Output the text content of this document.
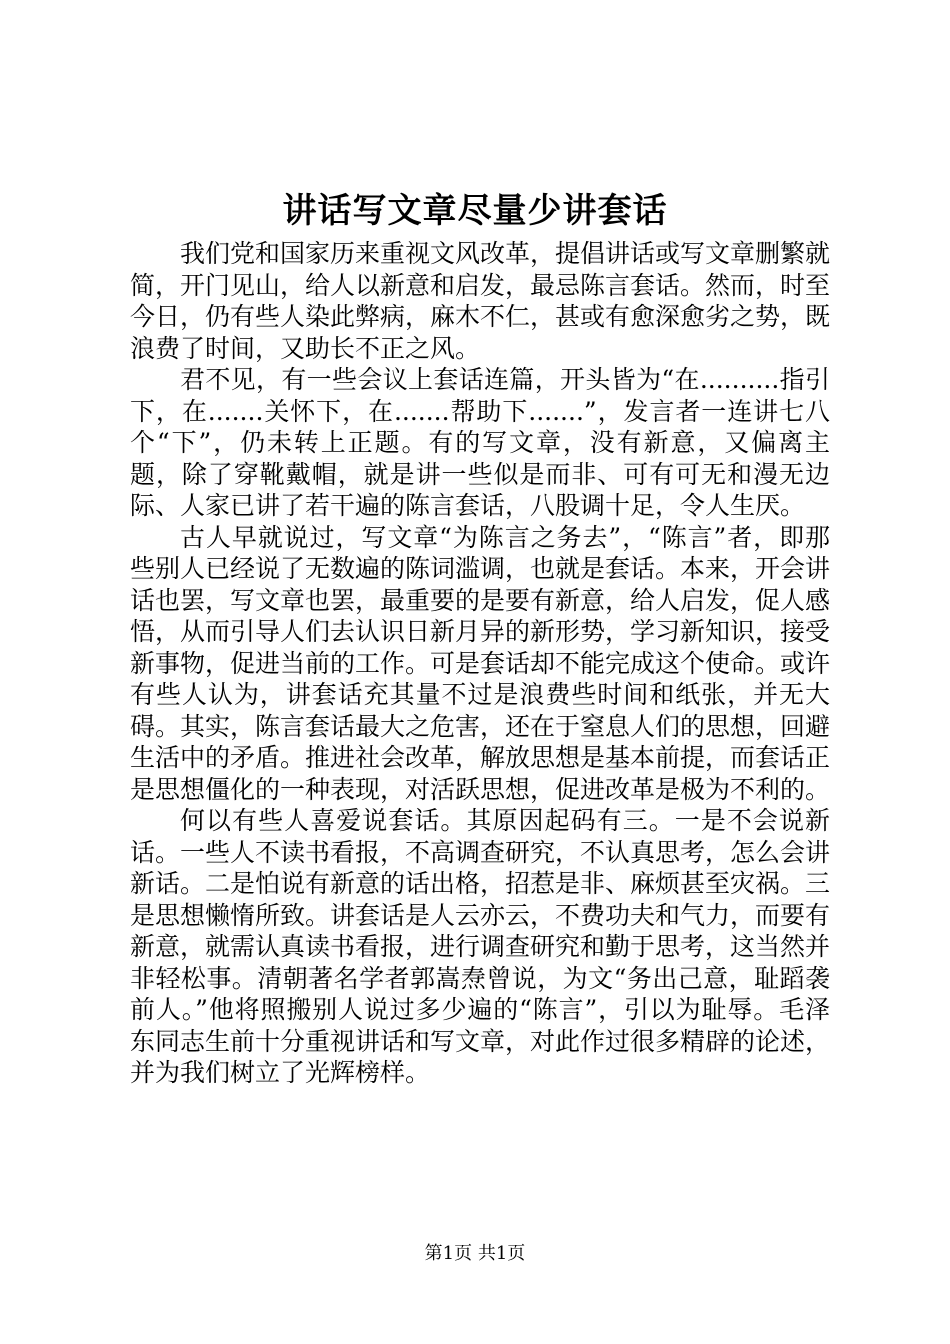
讲话写文章尽量少讲套话

我们党和国家历来重视文风改革，提倡讲话或写文章删繁就简，开门见山，给人以新意和启发，最忌陈言套话。然而，时至今日，仍有些人染此弊病，麻木不仁，甚或有愈深愈劣之势，既浪费了时间，又助长不正之风。

君不见，有一些会议上套话连篇，开头皆为“在..........指引下，在.......关怀下，在.......帮助下.......”，发言者一连讲七八个“下”，仍未转上正题。有的写文章，没有新意，又偏离主题，除了穿靴戴帽，就是讲一些似是而非、可有可无和漫无边际、人家已讲了若干遍的陈言套话，八股调十足，令人生厌。

古人早就说过，写文章“为陈言之务去”，“陈言”者，即那些别人已经说了无数遍的陈词滥调，也就是套话。本来，开会讲话也罢，写文章也罢，最重要的是要有新意，给人启发，促人感悟，从而引导人们去认识日新月异的新形势，学习新知识，接受新事物，促进当前的工作。可是套话却不能完成这个使命。或许有些人认为，讲套话充其量不过是浪费些时间和纸张，并无大碍。其实，陈言套话最大之危害，还在于窒息人们的思想，回避生活中的矛盾。推进社会改革，解放思想是基本前提，而套话正是思想僵化的一种表现，对活跃思想，促进改革是极为不利的。

何以有些人喜爱说套话。其原因起码有三。一是不会说新话。一些人不读书看报，不高调查研究，不认真思考，怎么会讲新话。二是怕说有新意的话出格，招惹是非、麻烦甚至灾祸。三是思想懒惰所致。讲套话是人云亦云，不费功夫和气力，而要有新意，就需认真读书看报，进行调查研究和勤于思考，这当然并非轻松事。清朝著名学者郭嵩焘曾说，为文“务出己意，耻蹈袭前人。”他将照搬别人说过多少遍的“陈言”，引以为耻辱。毛泽东同志生前十分重视讲话和写文章，对此作过很多精辟的论述，并为我们树立了光辉榜样。

第1页 共1页
